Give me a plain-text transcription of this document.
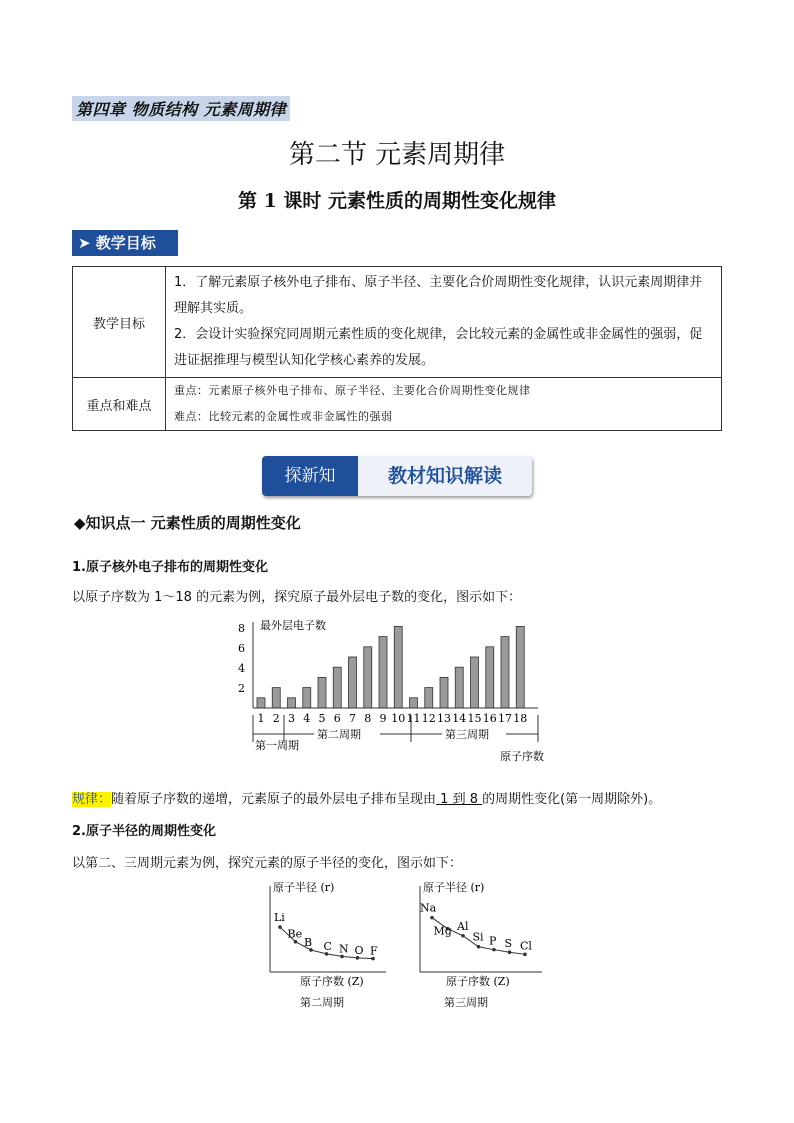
第四章 物质结构 元素周期律
第二节 元素周期律
第 1 课时 元素性质的周期性变化规律
➤ 教学目标
教学目标	1．了解元素原子核外电子排布、原子半径、主要化合价周期性变化规律，认识元素周期律并理解其实质。
2．会设计实验探究同周期元素性质的变化规律，会比较元素的金属性或非金属性的强弱，促进证据推理与模型认知化学核心素养的发展。

重点和难点	重点：元素原子核外电子排布、原子半径、主要化合价周期性变化规律
难点：比较元素的金属性或非金属性的强弱
探新知	教材知识解读
◆知识点一 元素性质的周期性变化
1.原子核外电子排布的周期性变化
以原子序数为 1～18 的元素为例，探究原子最外层电子数的变化，图示如下：
1 2 3 4 5 6 7 8 9 10 11 12 13 14 15 16 17 18
最外层电子数
8
6
4
2
第一周期
第二周期	第三周期
原子序数
规律：随着原子序数的递增，元素原子的最外层电子排布呈现由 1 到 8 的周期性变化(第一周期除外)。
2.原子半径的周期性变化
以第二、三周期元素为例，探究元素的原子半径的变化，图示如下：
原子半径 (r)
原子序数 (Z)
第二周期
Li
Be
B C N O F
原子半径 (r)
原子序数 (Z)
第三周期
Na
Mg Al
Si P S Cl
